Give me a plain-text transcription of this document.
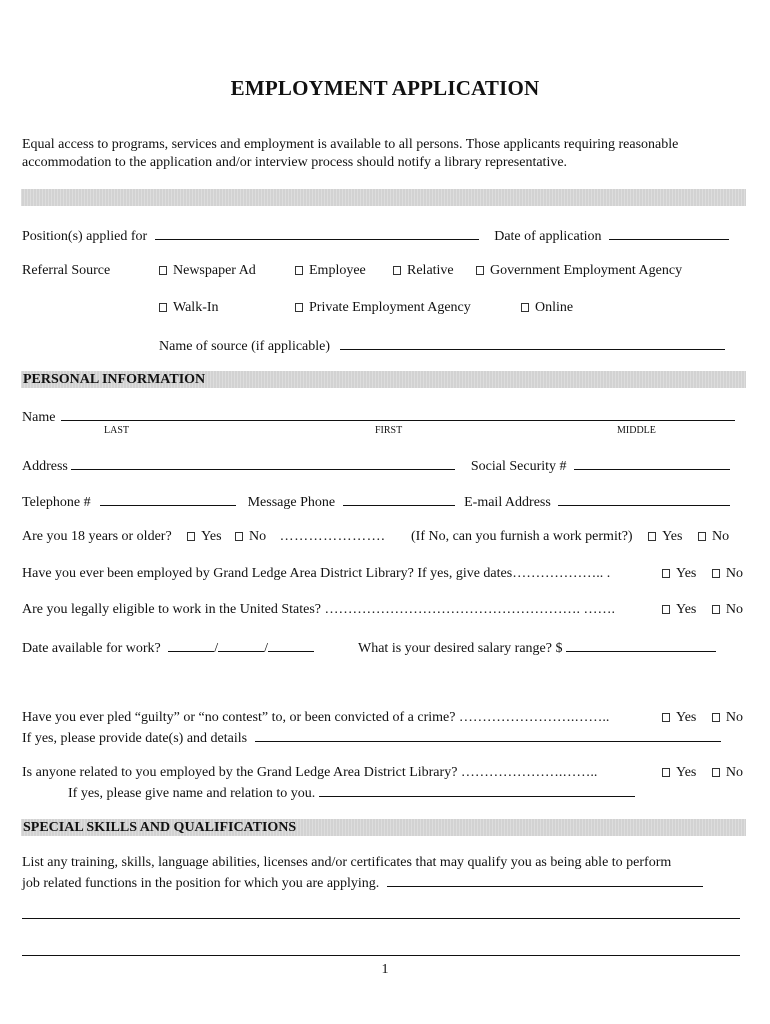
EMPLOYMENT APPLICATION
Equal access to programs, services and employment is available to all persons. Those applicants requiring reasonable accommodation to the application and/or interview process should notify a library representative.
Position(s) applied for	Date of application
Referral Source	Newspaper Ad	Employee	Relative	Government Employment Agency
Walk-In	Private Employment Agency	Online
Name of source (if applicable)
PERSONAL INFORMATION
Name
LAST	FIRST	MIDDLE
Address	Social Security #
Telephone #	Message Phone	E-mail Address
Are you 18 years or older? Yes No …………………. (If No, can you furnish a work permit?) Yes No
Have you ever been employed by Grand Ledge Area District Library? If yes, give dates……………….. .	Yes No
Are you legally eligible to work in the United States? ………………………………………………. …….	Yes No
Date available for work?	/	/	What is your desired salary range? $
Have you ever pled “guilty” or “no contest” to, or been convicted of a crime? …………………….……..	Yes No
If yes, please provide date(s) and details
Is anyone related to you employed by the Grand Ledge Area District Library? ………………….……..	Yes No
If yes, please give name and relation to you.
SPECIAL SKILLS AND QUALIFICATIONS
List any training, skills, language abilities, licenses and/or certificates that may qualify you as being able to perform
job related functions in the position for which you are applying.
1
